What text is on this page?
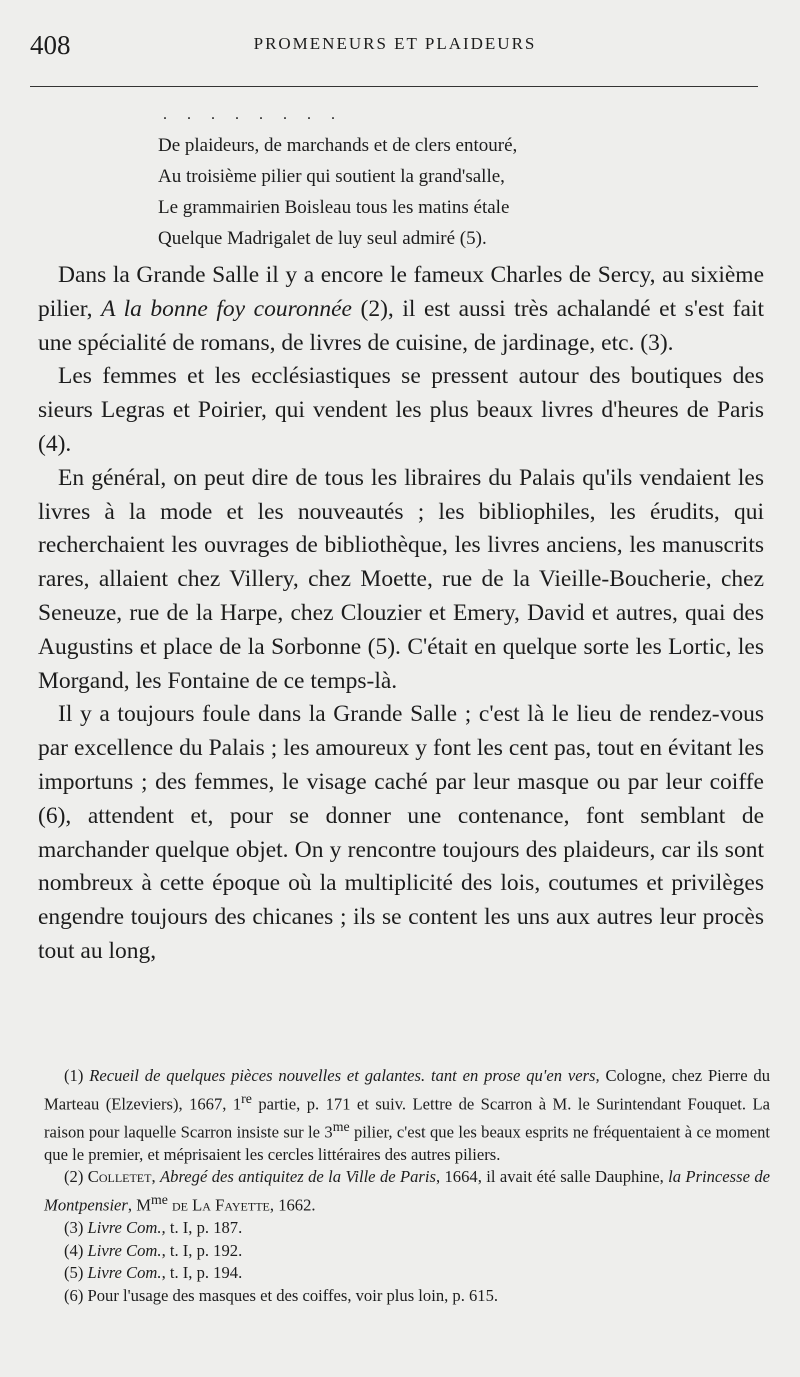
408	PROMENEURS ET PLAIDEURS
. . . . . . . .
De plaideurs, de marchands et de clers entouré,
Au troisième pilier qui soutient la grand'salle,
Le grammairien Boisleau tous les matins étale
Quelque Madrigalet de luy seul admiré (5).

Dans la Grande Salle il y a encore le fameux Charles de Sercy, au sixième pilier, A la bonne foy couronnée (2), il est aussi très achalandé et s'est fait une spécialité de romans, de livres de cuisine, de jardinage, etc. (3).

Les femmes et les ecclésiastiques se pressent autour des boutiques des sieurs Legras et Poirier, qui vendent les plus beaux livres d'heures de Paris (4).

En général, on peut dire de tous les libraires du Palais qu'ils vendaient les livres à la mode et les nouveautés ; les bibliophiles, les érudits, qui recherchaient les ouvrages de bibliothèque, les livres anciens, les manuscrits rares, allaient chez Villery, chez Moette, rue de la Vieille-Boucherie, chez Seneuze, rue de la Harpe, chez Clouzier et Emery, David et autres, quai des Augustins et place de la Sorbonne (5). C'était en quelque sorte les Lortic, les Morgand, les Fontaine de ce temps-là.

Il y a toujours foule dans la Grande Salle ; c'est là le lieu de rendez-vous par excellence du Palais ; les amoureux y font les cent pas, tout en évitant les importuns ; des femmes, le visage caché par leur masque ou par leur coiffe (6), attendent et, pour se donner une contenance, font semblant de marchander quelque objet. On y rencontre toujours des plaideurs, car ils sont nombreux à cette époque où la multiplicité des lois, coutumes et privilèges engendre toujours des chicanes ; ils se content les uns aux autres leur procès tout au long,

(1) Recueil de quelques pièces nouvelles et galantes. tant en prose qu'en vers, Cologne, chez Pierre du Marteau (Elzeviers), 1667, 1re partie, p. 171 et suiv. Lettre de Scarron à M. le Surintendant Fouquet. La raison pour laquelle Scarron insiste sur le $3^{me}$ pilier, c'est que les beaux esprits ne fréquentaient à ce moment que le premier, et méprisaient les cercles littéraires des autres piliers.

(2) Colletet, Abregé des antiquitez de la Ville de Paris, 1664, il avait été salle Dauphine, la Princesse de Montpensier, $M^{me}$ de La Fayette, 1662.

(3) Livre Com., t. I, p. 187.

(4) Livre Com., t. I, p. 192.

(5) Livre Com., t. I, p. 194.

(6) Pour l'usage des masques et des coiffes, voir plus loin, p. 615.
